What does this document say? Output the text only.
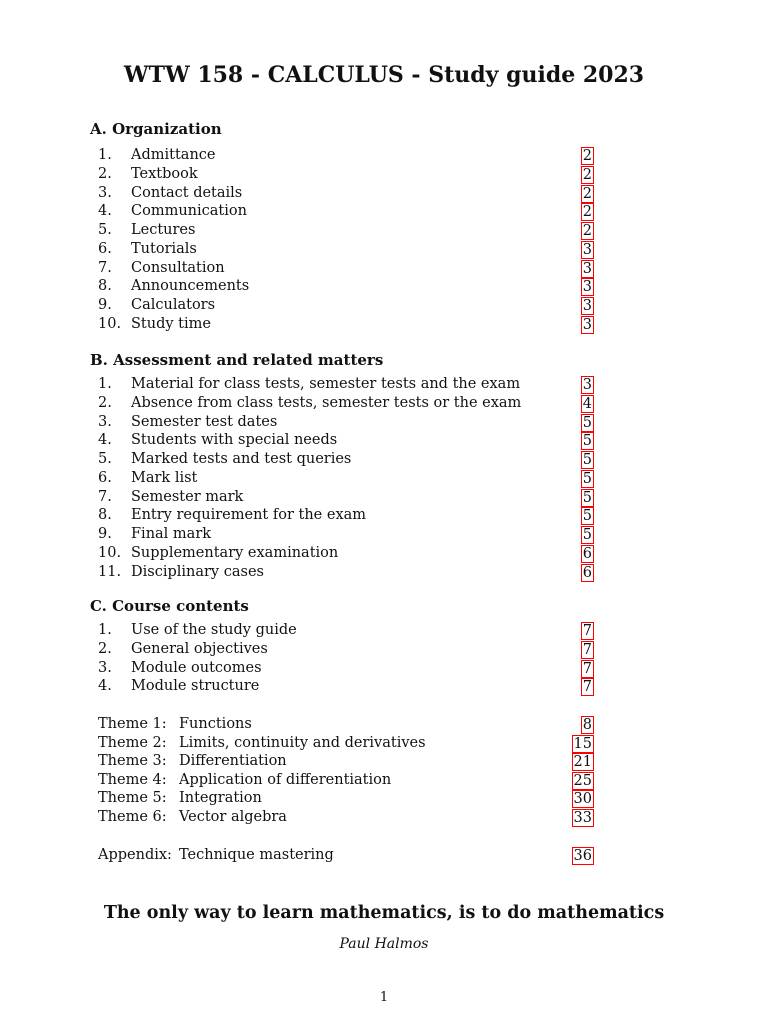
WTW 158 - CALCULUS - Study guide 2023
A. Organization
1. Admittance	2
2. Textbook	2
3. Contact details	2
4. Communication	2
5. Lectures	2
6. Tutorials	3
7. Consultation	3
8. Announcements	3
9. Calculators	3
10. Study time	3
B. Assessment and related matters
1. Material for class tests, semester tests and the exam	3
2. Absence from class tests, semester tests or the exam	4
3. Semester test dates	5
4. Students with special needs	5
5. Marked tests and test queries	5
6. Mark list	5
7. Semester mark	5
8. Entry requirement for the exam	5
9. Final mark	5
10. Supplementary examination	6
11. Disciplinary cases	6
C. Course contents
1. Use of the study guide	7
2. General objectives	7
3. Module outcomes	7
4. Module structure	7
Theme 1: Functions	8
Theme 2: Limits, continuity and derivatives	15
Theme 3: Differentiation	21
Theme 4: Application of differentiation	25
Theme 5: Integration	30
Theme 6: Vector algebra	33
Appendix: Technique mastering	36

The only way to learn mathematics, is to do mathematics

Paul Halmos
1
